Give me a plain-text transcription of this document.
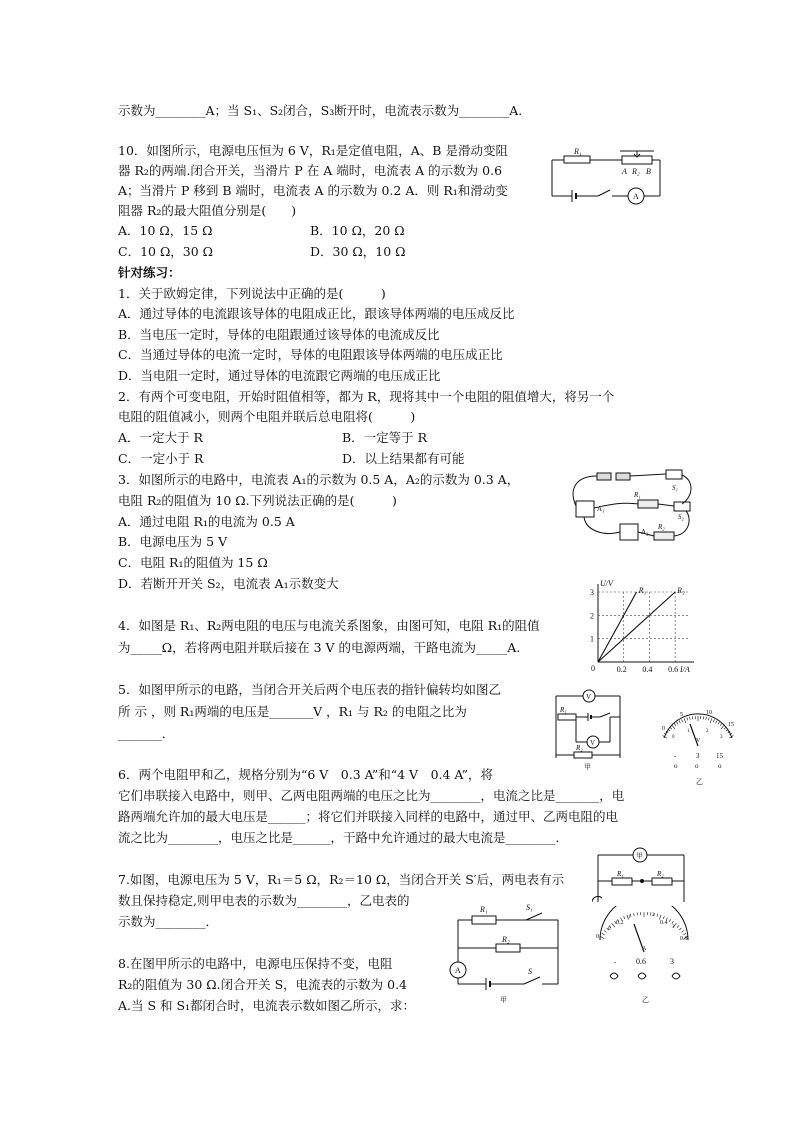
示数为________A；当 S₁、S₂闭合，S₃断开时，电流表示数为________A.
10．如图所示，电源电压恒为 6 V，R₁是定值电阻，A、B 是滑动变阻
器 R₂的两端.闭合开关，当滑片 P 在 A 端时，电流表 A 的示数为 0.6
A；当滑片 P 移到 B 端时，电流表 A 的示数为 0.2 A．则 R₁和滑动变
阻器 R₂的最大阻值分别是(　　)
A．10 Ω，15 Ω	B．10 Ω，20 Ω
C．10 Ω，30 Ω	D．30 Ω，10 Ω
针对练习：
1．关于欧姆定律，下列说法中正确的是(　　　)
A．通过导体的电流跟该导体的电阻成正比，跟该导体两端的电压成反比
B．当电压一定时，导体的电阻跟通过该导体的电流成反比
C．当通过导体的电流一定时，导体的电阻跟该导体两端的电压成正比
D．当电阻一定时，通过导体的电流跟它两端的电压成正比
2．有两个可变电阻，开始时阻值相等，都为 R，现将其中一个电阻的阻值增大，将另一个
电阻的阻值减小，则两个电阻并联后总电阻将(　　　)
A．一定大于 R	B．一定等于 R
C．一定小于 R	D．以上结果都有可能
3．如图所示的电路中，电流表 A₁的示数为 0.5 A，A₂的示数为 0.3 A，
电阻 R₂的阻值为 10 Ω.下列说法正确的是(　　　)
A．通过电阻 R₁的电流为 0.5 A
B．电源电压为 5 V
C．电阻 R₁的阻值为 15 Ω
D．若断开开关 S₂，电流表 A₁示数变大
4．如图是 R₁、R₂两电阻的电压与电流关系图象，由图可知，电阻 R₁的阻值
为_____Ω，若将两电阻并联后接在 3 V 的电源两端，干路电流为_____A.
5．如图甲所示的电路，当闭合开关后两个电压表的指针偏转均如图乙
所 示 ，则 R₁两端的电压是_______V ，R₁ 与 R₂ 的电阻之比为
_______．
6．两个电阻甲和乙，规格分别为“6 V　0.3 A”和“4 V　0.4 A”，将
它们串联接入电路中，则甲、乙两电阻两端的电压之比为________，电流之比是_______，电
路两端允许加的最大电压是______；将它们并联接入同样的电路中，通过甲、乙两电阻的电
流之比为________，电压之比是______，干路中允许通过的最大电流是________．
7.如图，电源电压为 5 V，R₁＝5 Ω，R₂＝10 Ω，当闭合开关 S′后，两电表有示
数且保持稳定,则甲电表的示数为________，乙电表的
示数为________．
8.在图甲所示的电路中，电源电压保持不变，电阻
R₂的阻值为 30 Ω.闭合开关 S，电流表的示数为 0.4
A.当 S 和 S₁都闭合时，电流表示数如图乙所示，求：
R₁
A R₂ B
A
S₁
R₁
S₂
A₁
A₂
R₂
1
2
3
0.2 0.4 0.6
0
R₁	R₂
U/V
I/A
V
R₁
V
R₂
甲
0
5	10
15
0
1	2
3
V
-	3 15
o	o	o
乙
甲
R₁	R₂
R₁	S₁
R₂
A	S
甲
0
0.2	0.4
0.6
0
1	2
3
A
- 0.6	3
乙
